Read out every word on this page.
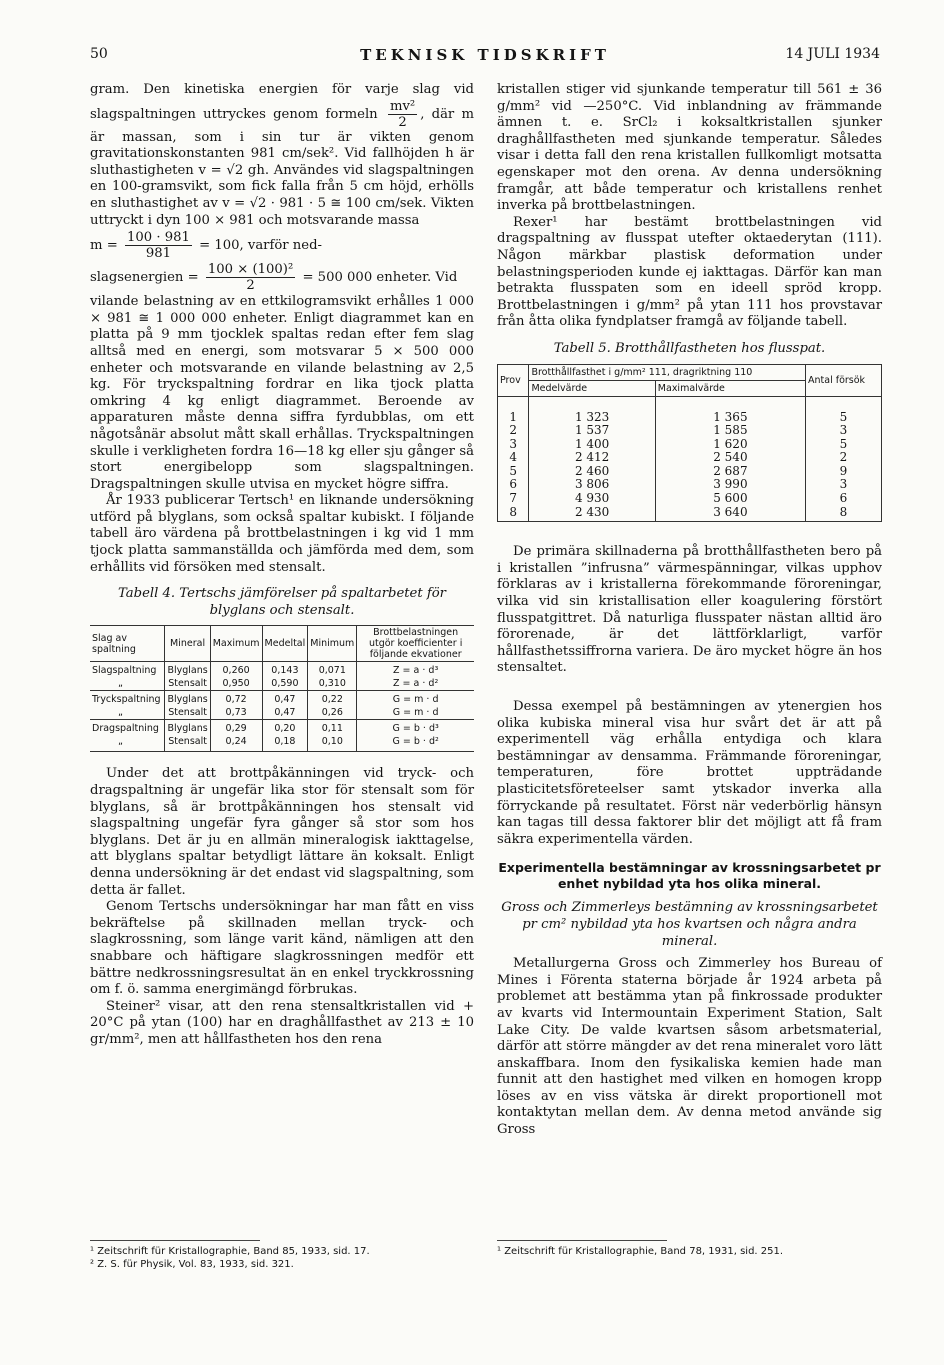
50	TEKNISK TIDSKRIFT	14 JULI 1934

gram. Den kinetiska energien för varje slag vid slagspaltningen uttryckes genom formeln $\frac{\text{mv²}}{2}$ , där m är massan, som i sin tur är vikten genom gravitationskonstanten 981 cm/sek². Vid fallhöjden h är sluthastigheten v = √2 gh. Användes vid slagspaltningen en 100-gramsvikt, som fick falla från 5 cm höjd, erhölls en sluthastighet av v = √2 · 981 · 5 ≅ 100 cm/sek. Vikten uttryckt i dyn 100 × 981 och motsvarande massa

$m = \frac{100 \cdot 981}{981} = 100$, varför ned-
slagsenergien = $\frac{\text{100 × (100)²}}{2} = 500$ 000 enheter. Vid

vilande belastning av en ettkilogramsvikt erhålles 1 000 × 981 ≅ 1 000 000 enheter. Enligt diagrammet kan en platta på 9 mm tjocklek spaltas redan efter fem slag alltså med en energi, som motsvarar 5 × 500 000 enheter och motsvarande en vilande belastning av 2,5 kg. För tryckspaltning fordrar en lika tjock platta omkring 4 kg enligt diagrammet. Beroende av apparaturen måste denna siffra fyrdubblas, om ett någotsånär absolut mått skall erhållas. Tryckspaltningen skulle i verkligheten fordra 16—18 kg eller sju gånger så stort energibelopp som slagspaltningen. Dragspaltningen skulle utvisa en mycket högre siffra.

År 1933 publicerar Tertsch¹ en liknande undersökning utförd på blyglans, som också spaltar kubiskt. I följande tabell äro värdena på brottbelastningen i kg vid 1 mm tjock platta sammanställda och jämförda med dem, som erhållits vid försöken med stensalt.

Tabell 4. Tertschs jämförelser på spaltarbetet för blyglans och stensalt.
Slag av spaltning	Mineral	Maximum	Medeltal	Minimum	Brottbelastningen utgör koefficienter i följande ekvationer
Slagspaltning	Blyglans	0,260	0,143	0,071	Z = a · d³
„	Stensalt	0,950	0,590	0,310	Z = a · d²
Tryckspaltning	Blyglans	0,72	0,47	0,22	G = m · d
„	Stensalt	0,73	0,47	0,26	G = m · d
Dragspaltning	Blyglans	0,29	0,20	0,11	G = b · d³
„	Stensalt	0,24	0,18	0,10	G = b · d²

Under det att brottpåkänningen vid tryck- och dragspaltning är ungefär lika stor för stensalt som för blyglans, så är brottpåkänningen hos stensalt vid slagspaltning ungefär fyra gånger så stor som hos blyglans. Det är ju en allmän mineralogisk iakttagelse, att blyglans spaltar betydligt lättare än koksalt. Enligt denna undersökning är det endast vid slagspaltning, som detta är fallet.

Genom Tertschs undersökningar har man fått en viss bekräftelse på skillnaden mellan tryck- och slagkrossning, som länge varit känd, nämligen att den snabbare och häftigare slagkrossningen medför ett bättre nedkrossningsresultat än en enkel tryckkrossning om f. ö. samma energimängd förbrukas.

Steiner² visar, att den rena stensaltkristallen vid + 20°C på ytan (100) har en draghållfasthet av 213 ± 10 gr/mm², men att hållfastheten hos den rena

¹ Zeitschrift für Kristallographie, Band 85, 1933, sid. 17.
² Z. S. für Physik, Vol. 83, 1933, sid. 321.

kristallen stiger vid sjunkande temperatur till 561 ± 36 g/mm² vid —250°C. Vid inblandning av främmande ämnen t. e. SrCl₂ i koksaltkristallen sjunker draghållfastheten med sjunkande temperatur. Således visar i detta fall den rena kristallen fullkomligt motsatta egenskaper mot den orena. Av denna undersökning framgår, att både temperatur och kristallens renhet inverka på brottbelastningen.

Rexer¹ har bestämt brottbelastningen vid dragspaltning av flusspat utefter oktaederytan (111). Någon märkbar plastisk deformation under belastningsperioden kunde ej iakttagas. Därför kan man betrakta flusspaten som en ideell spröd kropp. Brottbelastningen i g/mm² på ytan 111 hos provstavar från åtta olika fyndplatser framgå av följande tabell.

Tabell 5. Brotthållfastheten hos flusspat.
Prov	Brotthållfasthet i g/mm² 111, dragriktning 110		Antal försök
	Medelvärde	Maximalvärde	
1	1 323	1 365	5
2	1 537	1 585	3
3	1 400	1 620	5
4	2 412	2 540	2
5	2 460	2 687	9
6	3 806	3 990	3
7	4 930	5 600	6
8	2 430	3 640	8

De primära skillnaderna på brotthållfastheten bero på i kristallen ”infrusna” värmespänningar, vilkas upphov förklaras av i kristallerna förekommande föroreningar, vilka vid sin kristallisation eller koagulering förstört flusspatgittret. Då naturliga flusspater nästan alltid äro förorenade, är det lättförklarligt, varför hållfasthetssiffrorna variera. De äro mycket högre än hos stensaltet.

Dessa exempel på bestämningen av ytenergien hos olika kubiska mineral visa hur svårt det är att på experimentell väg erhålla entydiga och klara bestämningar av densamma. Främmande föroreningar, temperaturen, före brottet uppträdande plasticitetsföreteelser samt ytskador inverka alla förryckande på resultatet. Först när vederbörlig hänsyn kan tagas till dessa faktorer blir det möjligt att få fram säkra experimentella värden.

Experimentella bestämningar av krossningsarbetet pr enhet nybildad yta hos olika mineral.
Gross och Zimmerleys bestämning av krossningsarbetet pr cm² nybildad yta hos kvartsen och några andra mineral.

Metallurgerna Gross och Zimmerley hos Bureau of Mines i Förenta staterna började år 1924 arbeta på problemet att bestämma ytan på finkrossade produkter av kvarts vid Intermountain Experiment Station, Salt Lake City. De valde kvartsen såsom arbetsmaterial, därför att större mängder av det rena mineralet voro lätt anskaffbara. Inom den fysikaliska kemien hade man funnit att den hastighet med vilken en homogen kropp löses av en viss vätska är direkt proportionell mot kontaktytan mellan dem. Av denna metod använde sig Gross

¹ Zeitschrift für Kristallographie, Band 78, 1931, sid. 251.
